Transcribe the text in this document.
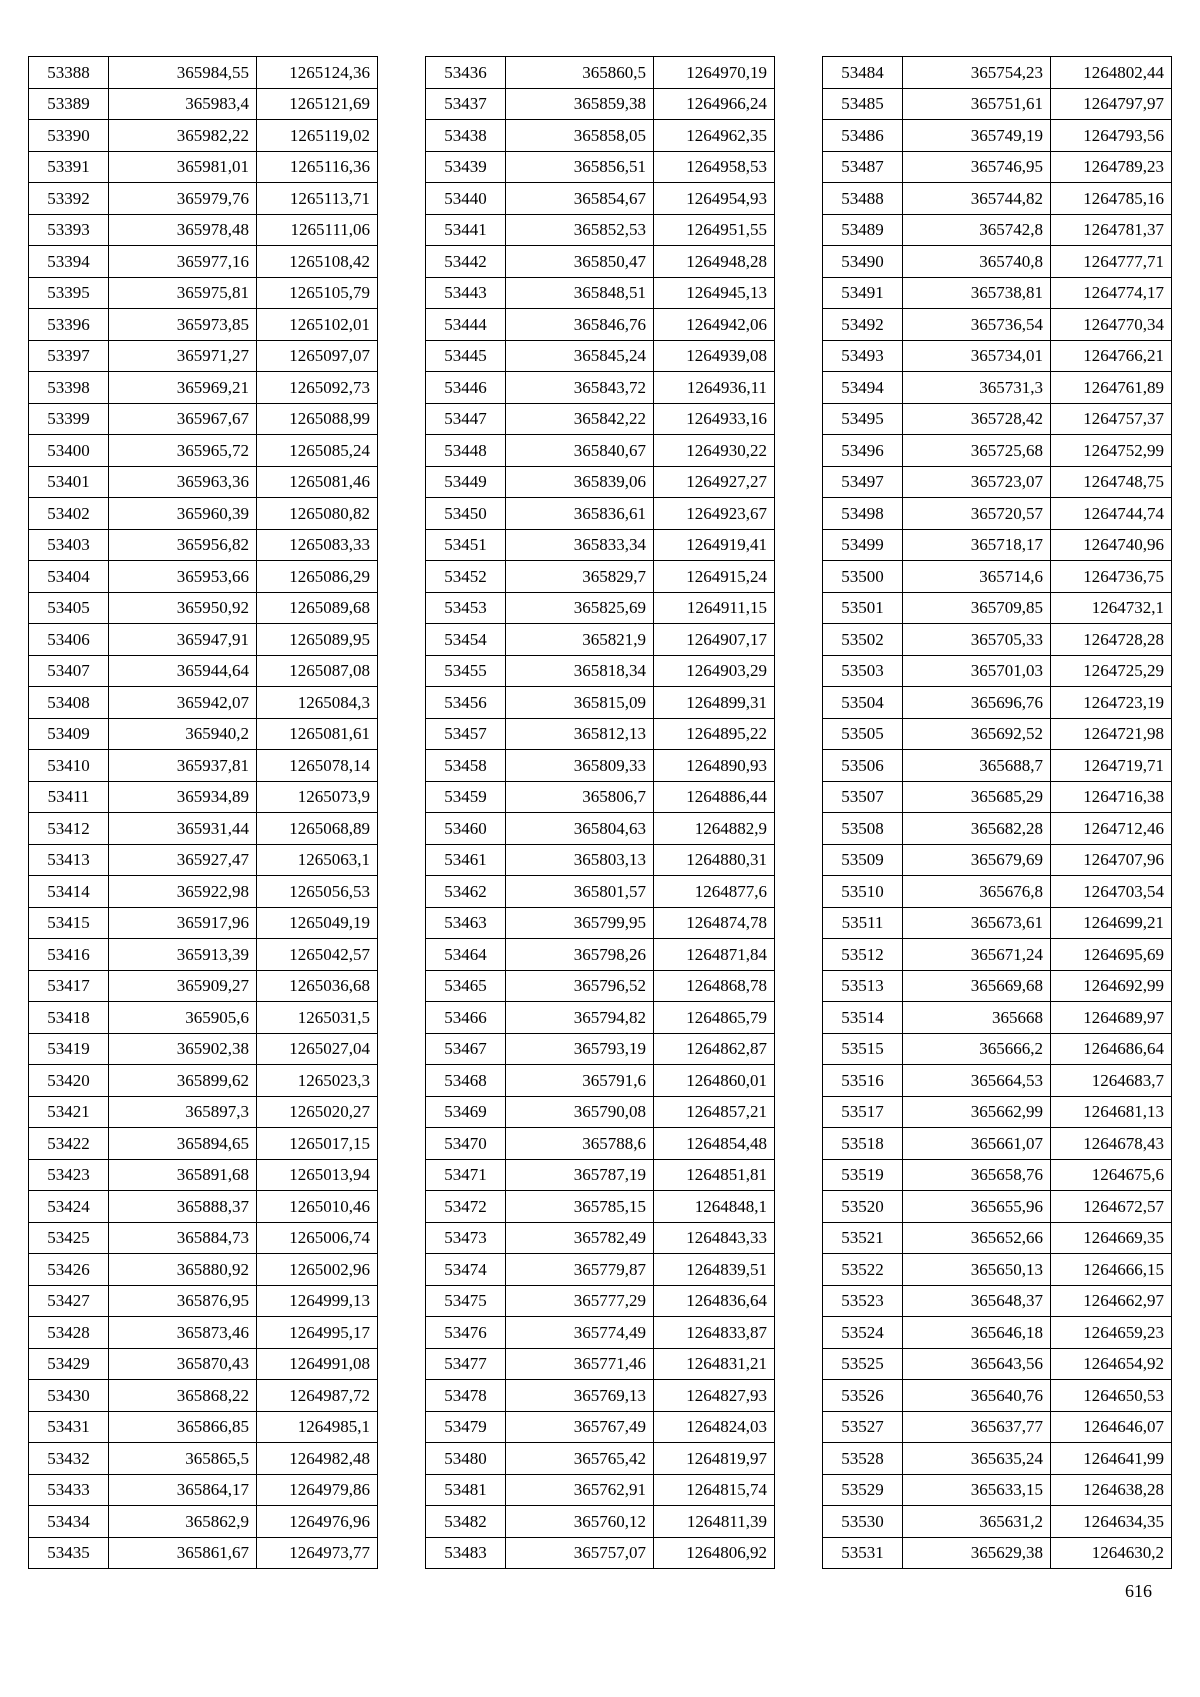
53388	365984,55	1265124,36
53389	365983,4	1265121,69
53390	365982,22	1265119,02
53391	365981,01	1265116,36
53392	365979,76	1265113,71
53393	365978,48	1265111,06
53394	365977,16	1265108,42
53395	365975,81	1265105,79
53396	365973,85	1265102,01
53397	365971,27	1265097,07
53398	365969,21	1265092,73
53399	365967,67	1265088,99
53400	365965,72	1265085,24
53401	365963,36	1265081,46
53402	365960,39	1265080,82
53403	365956,82	1265083,33
53404	365953,66	1265086,29
53405	365950,92	1265089,68
53406	365947,91	1265089,95
53407	365944,64	1265087,08
53408	365942,07	1265084,3
53409	365940,2	1265081,61
53410	365937,81	1265078,14
53411	365934,89	1265073,9
53412	365931,44	1265068,89
53413	365927,47	1265063,1
53414	365922,98	1265056,53
53415	365917,96	1265049,19
53416	365913,39	1265042,57
53417	365909,27	1265036,68
53418	365905,6	1265031,5
53419	365902,38	1265027,04
53420	365899,62	1265023,3
53421	365897,3	1265020,27
53422	365894,65	1265017,15
53423	365891,68	1265013,94
53424	365888,37	1265010,46
53425	365884,73	1265006,74
53426	365880,92	1265002,96
53427	365876,95	1264999,13
53428	365873,46	1264995,17
53429	365870,43	1264991,08
53430	365868,22	1264987,72
53431	365866,85	1264985,1
53432	365865,5	1264982,48
53433	365864,17	1264979,86
53434	365862,9	1264976,96
53435	365861,67	1264973,77
53436	365860,5	1264970,19
53437	365859,38	1264966,24
53438	365858,05	1264962,35
53439	365856,51	1264958,53
53440	365854,67	1264954,93
53441	365852,53	1264951,55
53442	365850,47	1264948,28
53443	365848,51	1264945,13
53444	365846,76	1264942,06
53445	365845,24	1264939,08
53446	365843,72	1264936,11
53447	365842,22	1264933,16
53448	365840,67	1264930,22
53449	365839,06	1264927,27
53450	365836,61	1264923,67
53451	365833,34	1264919,41
53452	365829,7	1264915,24
53453	365825,69	1264911,15
53454	365821,9	1264907,17
53455	365818,34	1264903,29
53456	365815,09	1264899,31
53457	365812,13	1264895,22
53458	365809,33	1264890,93
53459	365806,7	1264886,44
53460	365804,63	1264882,9
53461	365803,13	1264880,31
53462	365801,57	1264877,6
53463	365799,95	1264874,78
53464	365798,26	1264871,84
53465	365796,52	1264868,78
53466	365794,82	1264865,79
53467	365793,19	1264862,87
53468	365791,6	1264860,01
53469	365790,08	1264857,21
53470	365788,6	1264854,48
53471	365787,19	1264851,81
53472	365785,15	1264848,1
53473	365782,49	1264843,33
53474	365779,87	1264839,51
53475	365777,29	1264836,64
53476	365774,49	1264833,87
53477	365771,46	1264831,21
53478	365769,13	1264827,93
53479	365767,49	1264824,03
53480	365765,42	1264819,97
53481	365762,91	1264815,74
53482	365760,12	1264811,39
53483	365757,07	1264806,92
53484	365754,23	1264802,44
53485	365751,61	1264797,97
53486	365749,19	1264793,56
53487	365746,95	1264789,23
53488	365744,82	1264785,16
53489	365742,8	1264781,37
53490	365740,8	1264777,71
53491	365738,81	1264774,17
53492	365736,54	1264770,34
53493	365734,01	1264766,21
53494	365731,3	1264761,89
53495	365728,42	1264757,37
53496	365725,68	1264752,99
53497	365723,07	1264748,75
53498	365720,57	1264744,74
53499	365718,17	1264740,96
53500	365714,6	1264736,75
53501	365709,85	1264732,1
53502	365705,33	1264728,28
53503	365701,03	1264725,29
53504	365696,76	1264723,19
53505	365692,52	1264721,98
53506	365688,7	1264719,71
53507	365685,29	1264716,38
53508	365682,28	1264712,46
53509	365679,69	1264707,96
53510	365676,8	1264703,54
53511	365673,61	1264699,21
53512	365671,24	1264695,69
53513	365669,68	1264692,99
53514	365668	1264689,97
53515	365666,2	1264686,64
53516	365664,53	1264683,7
53517	365662,99	1264681,13
53518	365661,07	1264678,43
53519	365658,76	1264675,6
53520	365655,96	1264672,57
53521	365652,66	1264669,35
53522	365650,13	1264666,15
53523	365648,37	1264662,97
53524	365646,18	1264659,23
53525	365643,56	1264654,92
53526	365640,76	1264650,53
53527	365637,77	1264646,07
53528	365635,24	1264641,99
53529	365633,15	1264638,28
53530	365631,2	1264634,35
53531	365629,38	1264630,2
616
